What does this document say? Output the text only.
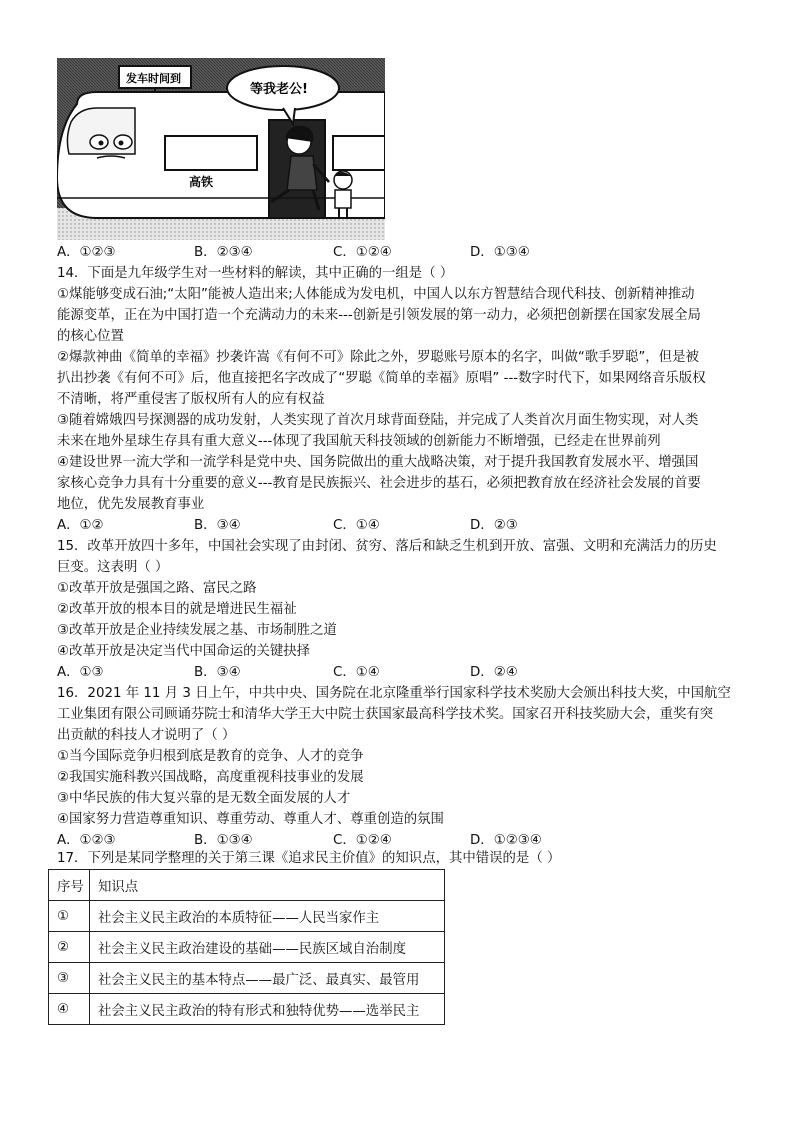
高铁
发车时间到
等我老公!
A．①②③	B．②③④	C．①②④	D．①③④
14．下面是九年级学生对一些材料的解读，其中正确的一组是（ ）
①煤能够变成石油;“太阳”能被人造出来;人体能成为发电机，中国人以东方智慧结合现代科技、创新精神推动
能源变革，正在为中国打造一个充满动力的未来---创新是引领发展的第一动力，必须把创新摆在国家发展全局
的核心位置
②爆款神曲《简单的幸福》抄袭许嵩《有何不可》除此之外，罗聪账号原本的名字，叫做“歌手罗聪”，但是被
扒出抄袭《有何不可》后，他直接把名字改成了“罗聪《简单的幸福》原唱” ---数字时代下，如果网络音乐版权
不清晰，将严重侵害了版权所有人的应有权益
③随着嫦娥四号探测器的成功发射，人类实现了首次月球背面登陆，并完成了人类首次月面生物实现，对人类
未来在地外星球生存具有重大意义---体现了我国航天科技领域的创新能力不断增强，已经走在世界前列
④建设世界一流大学和一流学科是党中央、国务院做出的重大战略决策，对于提升我国教育发展水平、增强国
家核心竞争力具有十分重要的意义---教育是民族振兴、社会进步的基石，必须把教育放在经济社会发展的首要
地位，优先发展教育事业
A．①②	B．③④	C．①④	D．②③
15．改革开放四十多年，中国社会实现了由封闭、贫穷、落后和缺乏生机到开放、富强、文明和充满活力的历史
巨变。这表明（ ）
①改革开放是强国之路、富民之路
②改革开放的根本目的就是增进民生福祉
③改革开放是企业持续发展之基、市场制胜之道
④改革开放是决定当代中国命运的关键抉择
A．①③	B．③④	C．①④	D．②④
16．2021 年 11 月 3 日上午，中共中央、国务院在北京隆重举行国家科学技术奖励大会颁出科技大奖，中国航空
工业集团有限公司顾诵芬院士和清华大学王大中院士获国家最高科学技术奖。国家召开科技奖励大会，重奖有突
出贡献的科技人才说明了（ ）
①当今国际竞争归根到底是教育的竞争、人才的竞争
②我国实施科教兴国战略，高度重视科技事业的发展
③中华民族的伟大复兴靠的是无数全面发展的人才
④国家努力营造尊重知识、尊重劳动、尊重人才、尊重创造的氛围
A．①②③	B．①③④	C．①②④	D．①②③④
17．下列是某同学整理的关于第三课《追求民主价值》的知识点，其中错误的是（ ）
序号	知识点
①	社会主义民主政治的本质特征——人民当家作主
②	社会主义民主政治建设的基础——民族区域自治制度
③	社会主义民主的基本特点——最广泛、最真实、最管用
④	社会主义民主政治的特有形式和独特优势——选举民主
